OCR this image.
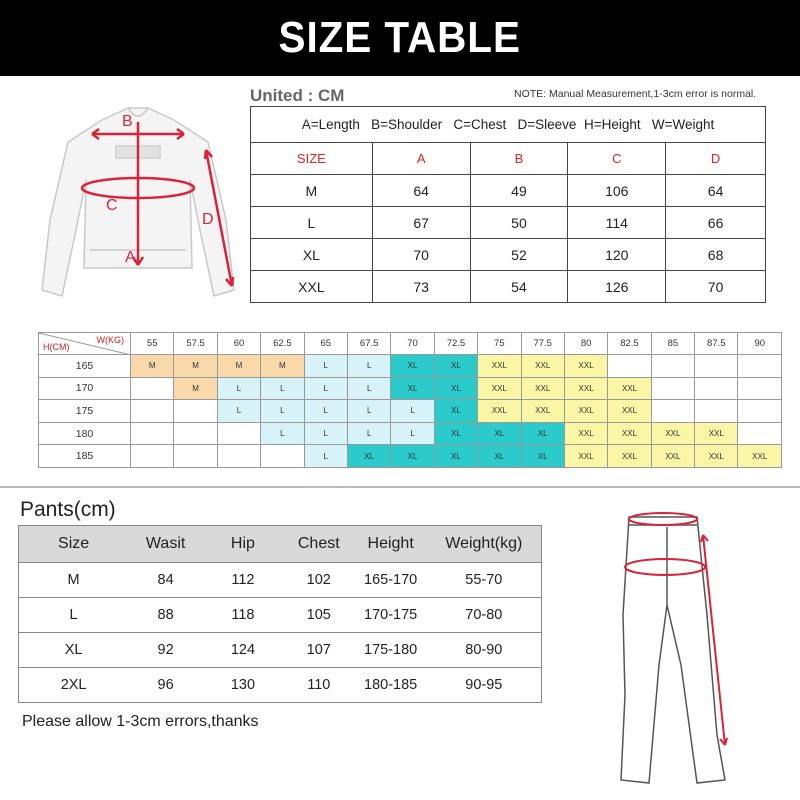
SIZE TABLE
United : CM	NOTE: Manual Measurement,1-3cm error is normal.
B
C
D
A
A=Length B=Shoulder C=Chest D=Sleeve H=Height W=Weight				
SIZE	A	B	C	D
M	64	49	106	64
L	67	50	114	66
XL	70	52	120	68
XXL	73	54	126	70
W(KG)
H(CM)	55	57.5	60	62.5	65	67.5	70	72.5	75	77.5	80	82.5	85	87.5	90
165	M	M	M	M	L	L	XL	XL	XXL	XXL	XXL				
170		M	L	L	L	L	XL	XL	XXL	XXL	XXL	XXL			
175			L	L	L	L	L	XL	XXL	XXL	XXL	XXL			
180				L	L	L	L	XL	XL	XL	XXL	XXL	XXL	XXL	
185					L	XL	XL	XL	XL	XL	XXL	XXL	XXL	XXL	XXL
Pants(cm)
Size	Wasit	Hip	Chest	Height	Weight(kg)
M	84	112	102	165-170	55-70
L	88	118	105	170-175	70-80
XL	92	124	107	175-180	80-90
2XL	96	130	110	180-185	90-95
Please allow 1-3cm errors,thanks
